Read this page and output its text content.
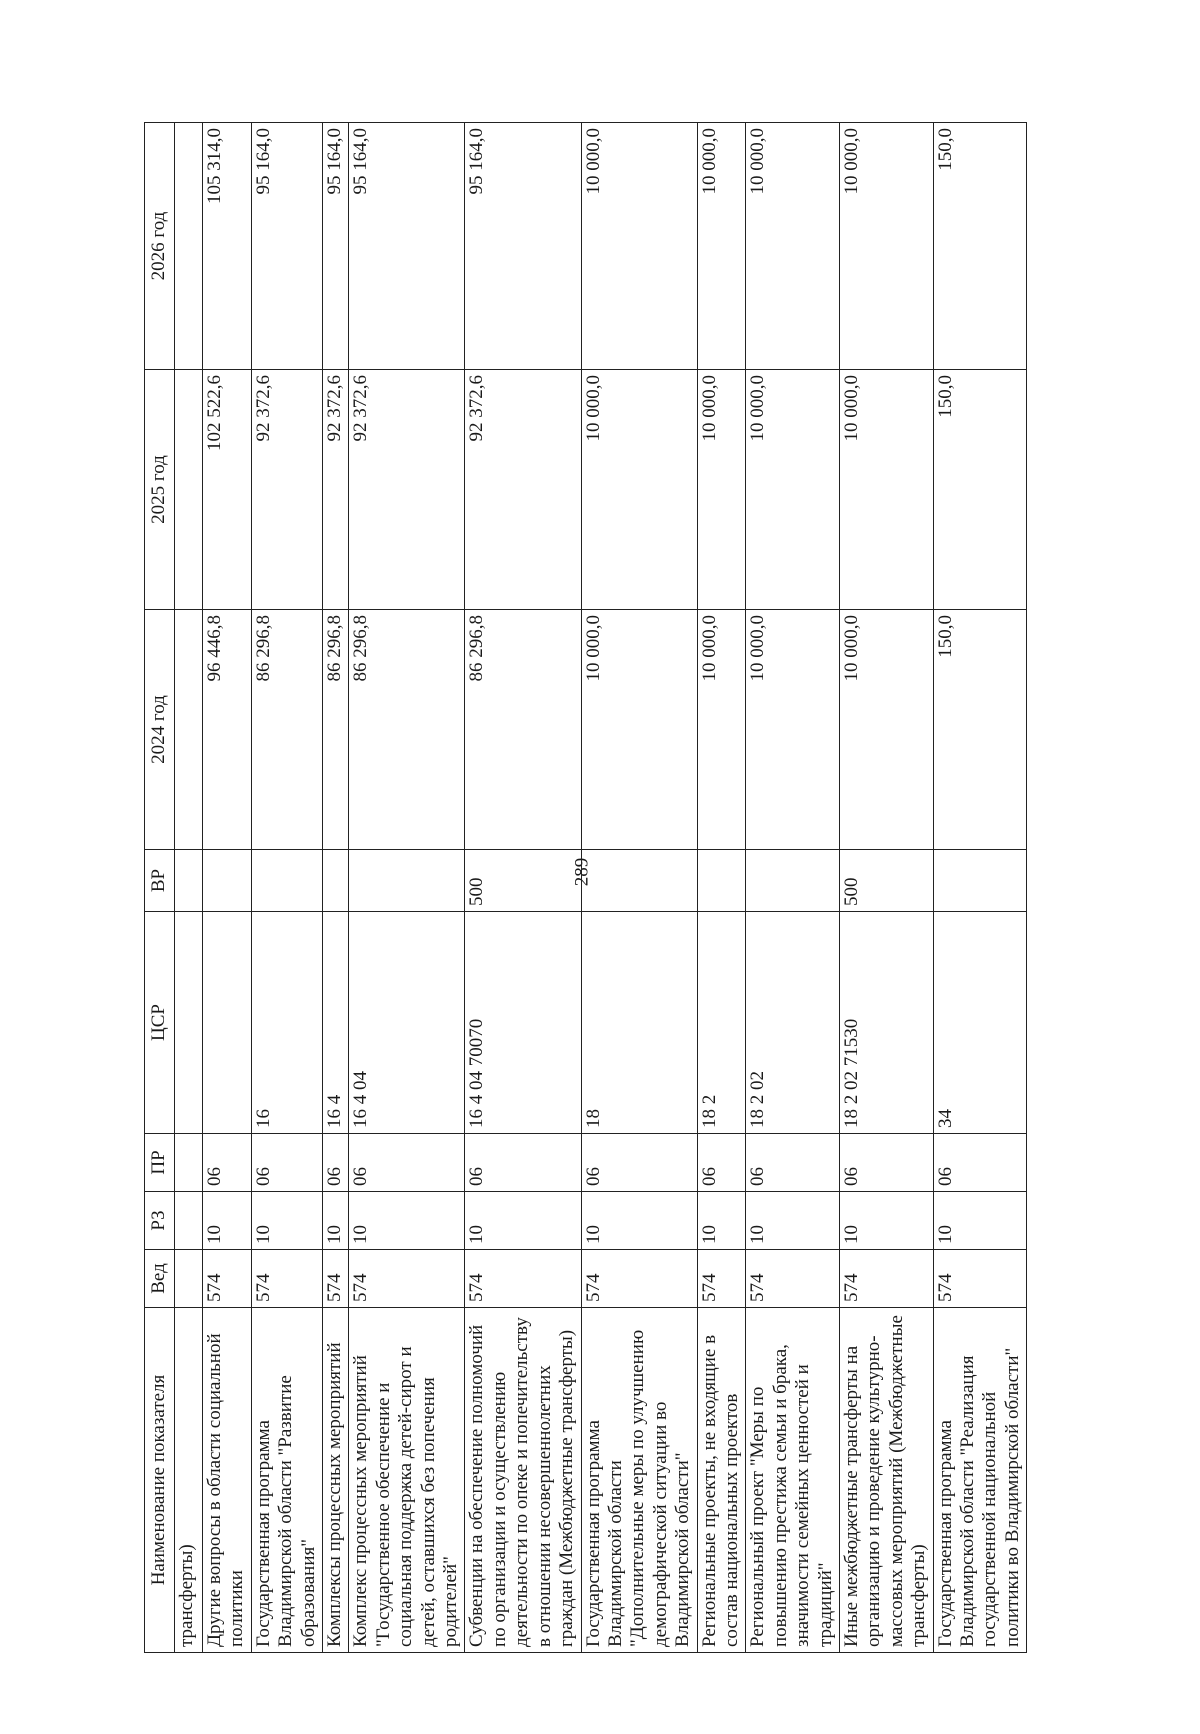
289
Наименование показателя	Вед	РЗ	ПР	ЦСР	ВР	2024 год	2025 год	2026 год
трансферты)								
Другие вопросы в области социальной политики	574	10	06			96 446,8	102 522,6	105 314,0
Государственная программа Владимирской области "Развитие образования"	574	10	06	16		86 296,8	92 372,6	95 164,0
Комплексы процессных мероприятий	574	10	06	16 4		86 296,8	92 372,6	95 164,0
Комплекс процессных мероприятий "Государственное обеспечение и социальная поддержка детей-сирот и детей, оставшихся без попечения родителей"	574	10	06	16 4 04		86 296,8	92 372,6	95 164,0
Субвенции на обеспечение полномочий по организации и осуществлению деятельности по опеке и попечительству в отношении несовершеннолетних граждан (Межбюджетные трансферты)	574	10	06	16 4 04 70070	500	86 296,8	92 372,6	95 164,0
Государственная программа Владимирской области "Дополнительные меры по улучшению демографической ситуации во Владимирской области"	574	10	06	18		10 000,0	10 000,0	10 000,0
Региональные проекты, не входящие в состав национальных проектов	574	10	06	18 2		10 000,0	10 000,0	10 000,0
Региональный проект "Меры по повышению престижа семьи и брака, значимости семейных ценностей и традиций"	574	10	06	18 2 02		10 000,0	10 000,0	10 000,0
Иные межбюджетные трансферты на организацию и проведение культурно-массовых мероприятий (Межбюджетные трансферты)	574	10	06	18 2 02 71530	500	10 000,0	10 000,0	10 000,0
Государственная программа Владимирской области "Реализация государственной национальной политики во Владимирской области"	574	10	06	34		150,0	150,0	150,0
